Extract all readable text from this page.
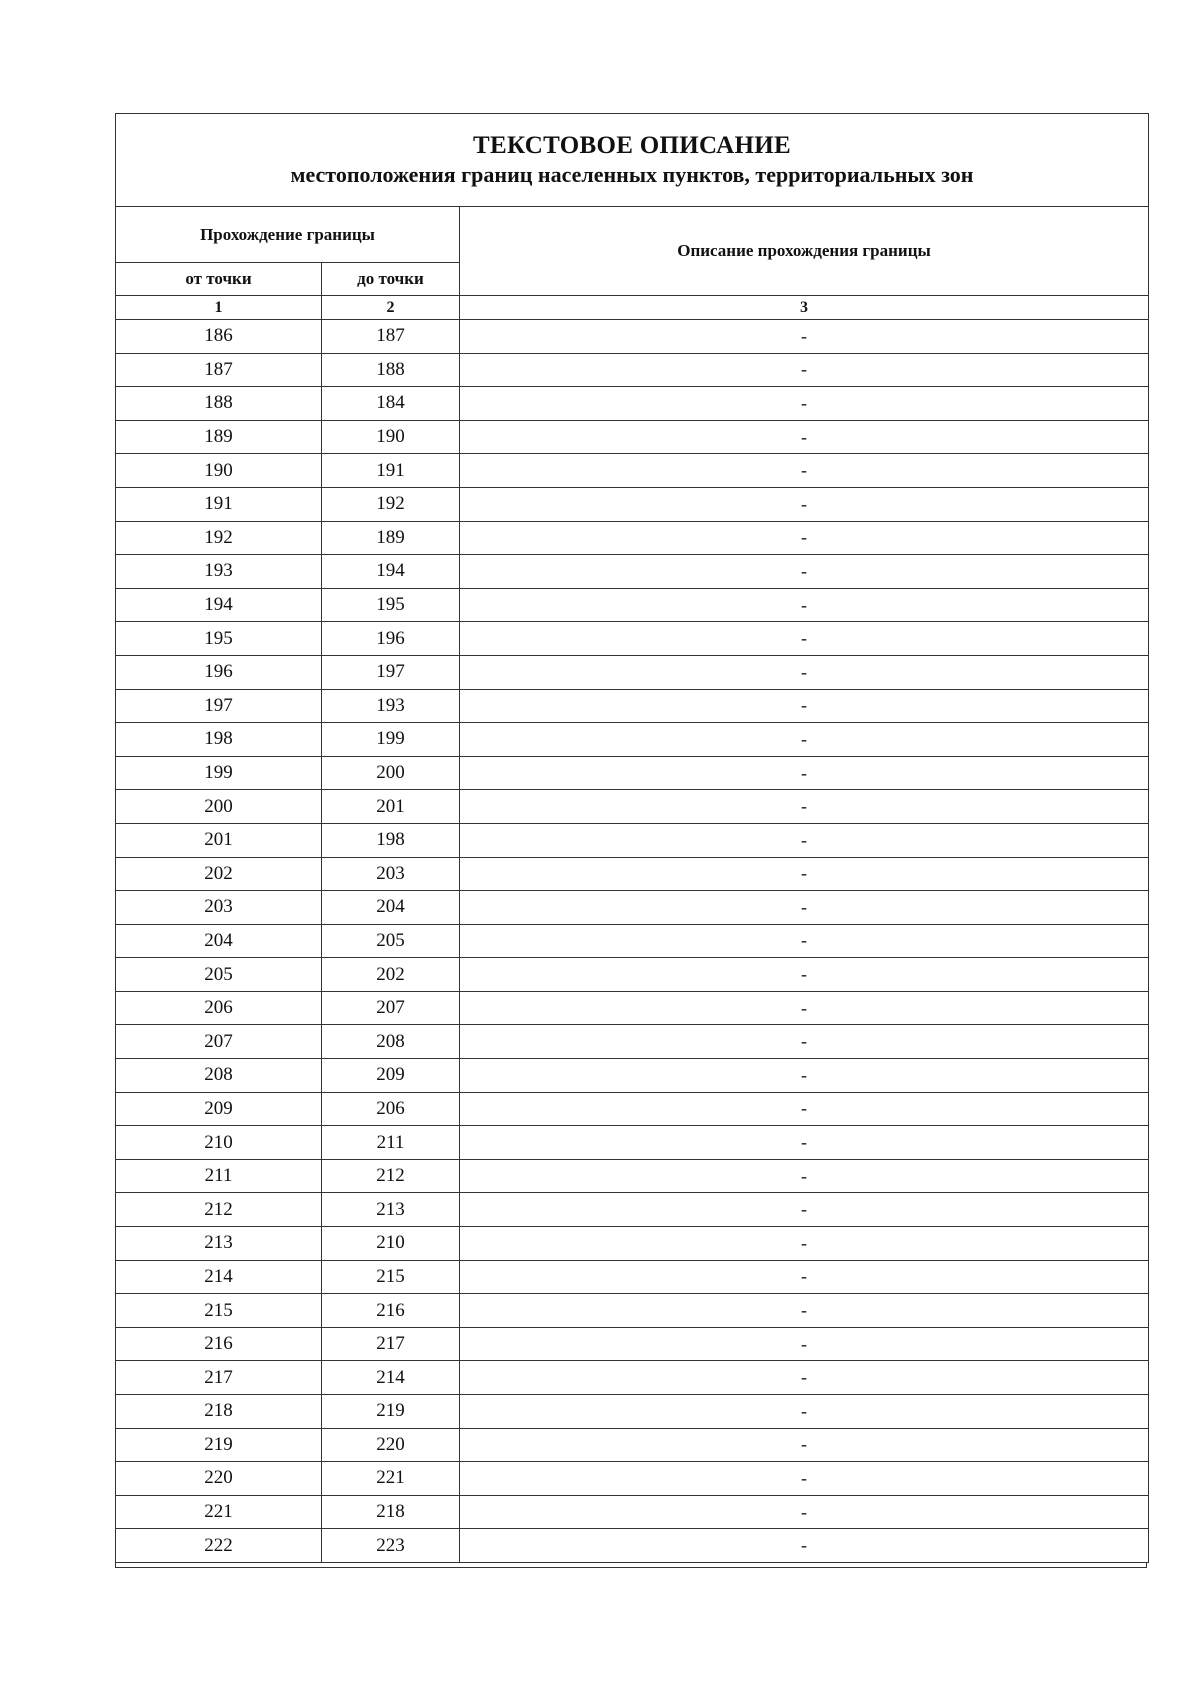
ТЕКСТОВОЕ ОПИСАНИЕ
местоположения границ населенных пунктов, территориальных зон		

Прохождение границы		Описание прохождения границы
от точки	до точки	
1	2	3
186	187	-
187	188	-
188	184	-
189	190	-
190	191	-
191	192	-
192	189	-
193	194	-
194	195	-
195	196	-
196	197	-
197	193	-
198	199	-
199	200	-
200	201	-
201	198	-
202	203	-
203	204	-
204	205	-
205	202	-
206	207	-
207	208	-
208	209	-
209	206	-
210	211	-
211	212	-
212	213	-
213	210	-
214	215	-
215	216	-
216	217	-
217	214	-
218	219	-
219	220	-
220	221	-
221	218	-
222	223	-
